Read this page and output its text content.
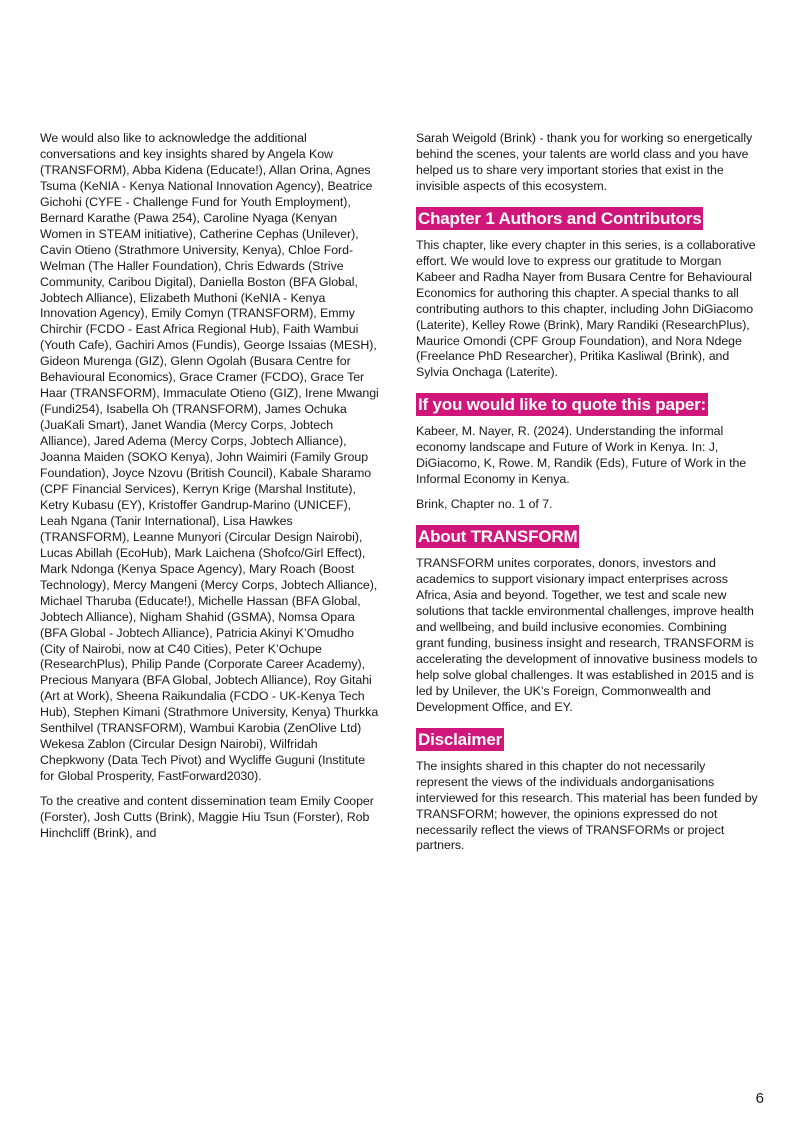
We would also like to acknowledge the additional conversations and key insights shared by Angela Kow (TRANSFORM), Abba Kidena (Educate!), Allan Orina, Agnes Tsuma (KeNIA - Kenya National Innovation Agency), Beatrice Gichohi (CYFE - Challenge Fund for Youth Employment), Bernard Karathe (Pawa 254), Caroline Nyaga (Kenyan Women in STEAM initiative), Catherine Cephas (Unilever), Cavin Otieno (Strathmore University, Kenya), Chloe Ford-Welman (The Haller Foundation), Chris Edwards (Strive Community, Caribou Digital), Daniella Boston (BFA Global, Jobtech Alliance), Elizabeth Muthoni (KeNIA - Kenya Innovation Agency), Emily Comyn (TRANSFORM), Emmy Chirchir (FCDO - East Africa Regional Hub), Faith Wambui (Youth Cafe), Gachiri Amos (Fundis), George Issaias (MESH), Gideon Murenga (GIZ), Glenn Ogolah (Busara Centre for Behavioural Economics), Grace Cramer (FCDO), Grace Ter Haar (TRANSFORM), Immaculate Otieno (GIZ), Irene Mwangi (Fundi254), Isabella Oh (TRANSFORM), James Ochuka (JuaKali Smart), Janet Wandia (Mercy Corps, Jobtech Alliance), Jared Adema (Mercy Corps, Jobtech Alliance), Joanna Maiden (SOKO Kenya), John Waimiri (Family Group Foundation), Joyce Nzovu (British Council), Kabale Sharamo (CPF Financial Services), Kerryn Krige (Marshal Institute), Ketry Kubasu (EY), Kristoffer Gandrup-Marino (UNICEF), Leah Ngana (Tanir International), Lisa Hawkes (TRANSFORM), Leanne Munyori (Circular Design Nairobi), Lucas Abillah (EcoHub), Mark Laichena (Shofco/Girl Effect), Mark Ndonga (Kenya Space Agency), Mary Roach (Boost Technology), Mercy Mangeni (Mercy Corps, Jobtech Alliance), Michael Tharuba (Educate!), Michelle Hassan (BFA Global, Jobtech Alliance), Nigham Shahid (GSMA), Nomsa Opara (BFA Global - Jobtech Alliance), Patricia Akinyi K’Omudho (City of Nairobi, now at C40 Cities), Peter K’Ochupe (ResearchPlus), Philip Pande (Corporate Career Academy), Precious Manyara (BFA Global, Jobtech Alliance), Roy Gitahi (Art at Work), Sheena Raikundalia (FCDO - UK-Kenya Tech Hub), Stephen Kimani (Strathmore University, Kenya) Thurkka Senthilvel (TRANSFORM), Wambui Karobia (ZenOlive Ltd) Wekesa Zablon (Circular Design Nairobi), Wilfridah Chepkwony (Data Tech Pivot) and Wycliffe Guguni (Institute for Global Prosperity, FastForward2030).

To the creative and content dissemination team Emily Cooper (Forster), Josh Cutts (Brink), Maggie Hiu Tsun (Forster), Rob Hinchcliff (Brink), and

Sarah Weigold (Brink) - thank you for working so energetically behind the scenes, your talents are world class and you have helped us to share very important stories that exist in the invisible aspects of this ecosystem.

Chapter 1 Authors and Contributors

This chapter, like every chapter in this series, is a collaborative effort. We would love to express our gratitude to Morgan Kabeer and Radha Nayer from Busara Centre for Behavioural Economics for authoring this chapter. A special thanks to all contributing authors to this chapter, including John DiGiacomo (Laterite), Kelley Rowe (Brink), Mary Randiki (ResearchPlus), Maurice Omondi (CPF Group Foundation), and Nora Ndege (Freelance PhD Researcher), Pritika Kasliwal (Brink), and Sylvia Onchaga (Laterite).

If you would like to quote this paper:

Kabeer, M. Nayer, R. (2024). Understanding the informal economy landscape and Future of Work in Kenya. In: J, DiGiacomo, K, Rowe. M, Randik (Eds), Future of Work in the Informal Economy in Kenya.

Brink, Chapter no. 1 of 7.

About TRANSFORM

TRANSFORM unites corporates, donors, investors and academics to support visionary impact enterprises across Africa, Asia and beyond. Together, we test and scale new solutions that tackle environmental challenges, improve health and wellbeing, and build inclusive economies. Combining grant funding, business insight and research, TRANSFORM is accelerating the development of innovative business models to help solve global challenges. It was established in 2015 and is led by Unilever, the UK’s Foreign, Commonwealth and Development Office, and EY.

Disclaimer

The insights shared in this chapter do not necessarily represent the views of the individuals andorganisations interviewed for this research. This material has been funded by TRANSFORM; however, the opinions expressed do not necessarily reflect the views of TRANSFORMs or project partners.

6
